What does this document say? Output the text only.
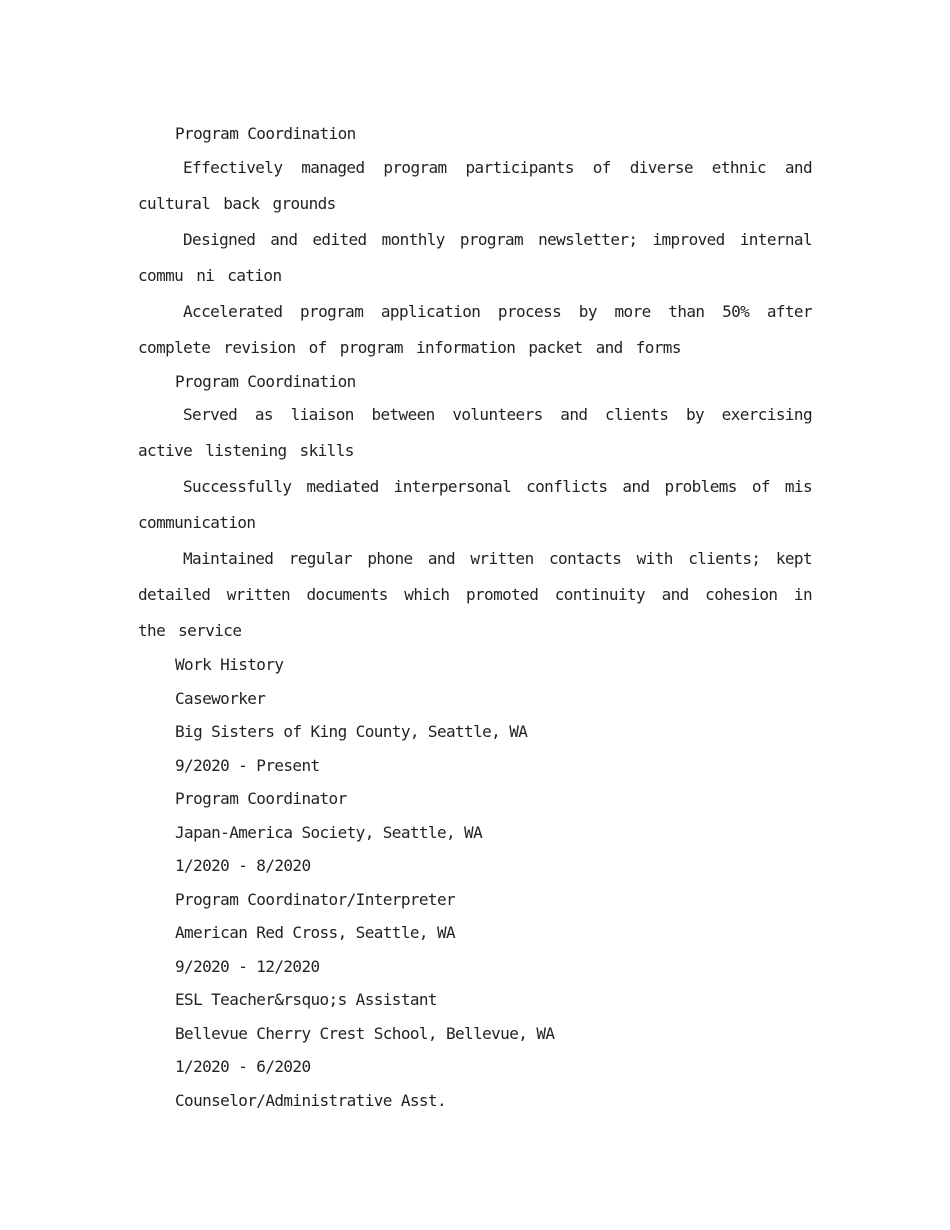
Program Coordination

Effectively managed program participants of diverse ethnic and cultural back grounds

Designed and edited monthly program newsletter; improved internal commu ni cation

Accelerated program application process by more than 50% after complete revision of program information packet and forms

Program Coordination

Served as liaison between volunteers and clients by exercising active listening skills

Successfully mediated interpersonal conflicts and problems of mis communication

Maintained regular phone and written contacts with clients; kept detailed written documents which promoted continuity and cohesion in the service

Work History

Caseworker

Big Sisters of King County, Seattle, WA

9/2020 - Present

Program Coordinator

Japan-America Society, Seattle, WA

1/2020 - 8/2020

Program Coordinator/Interpreter

American Red Cross, Seattle, WA

9/2020 - 12/2020

ESL Teacher&rsquo;s Assistant

Bellevue Cherry Crest School, Bellevue, WA

1/2020 - 6/2020

Counselor/Administrative Asst.
